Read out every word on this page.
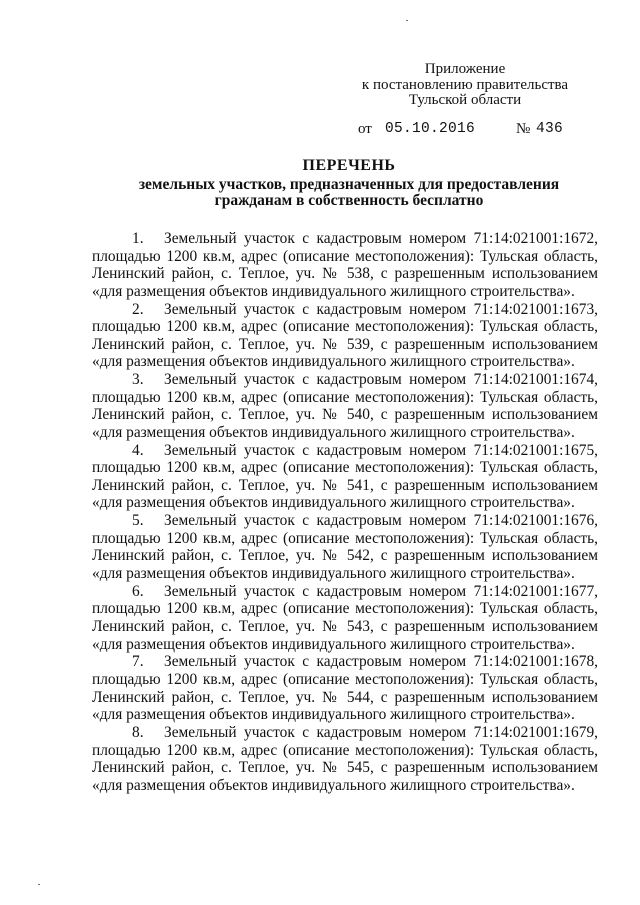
Приложение
к постановлению правительства
Тульской области
от 05.10.2016	№ 436
ПЕРЕЧЕНЬ
земельных участков, предназначенных для предоставления
гражданам в собственность бесплатно

1. Земельный участок с кадастровым номером 71:14:021001:1672, площадью 1200 кв.м, адрес (описание местоположения): Тульская область, Ленинский район, с. Теплое, уч. № 538, с разрешенным использованием «для размещения объектов индивидуального жилищного строительства».

2. Земельный участок с кадастровым номером 71:14:021001:1673, площадью 1200 кв.м, адрес (описание местоположения): Тульская область, Ленинский район, с. Теплое, уч. № 539, с разрешенным использованием «для размещения объектов индивидуального жилищного строительства».

3. Земельный участок с кадастровым номером 71:14:021001:1674, площадью 1200 кв.м, адрес (описание местоположения): Тульская область, Ленинский район, с. Теплое, уч. № 540, с разрешенным использованием «для размещения объектов индивидуального жилищного строительства».

4. Земельный участок с кадастровым номером 71:14:021001:1675, площадью 1200 кв.м, адрес (описание местоположения): Тульская область, Ленинский район, с. Теплое, уч. № 541, с разрешенным использованием «для размещения объектов индивидуального жилищного строительства».

5. Земельный участок с кадастровым номером 71:14:021001:1676, площадью 1200 кв.м, адрес (описание местоположения): Тульская область, Ленинский район, с. Теплое, уч. № 542, с разрешенным использованием «для размещения объектов индивидуального жилищного строительства».

6. Земельный участок с кадастровым номером 71:14:021001:1677, площадью 1200 кв.м, адрес (описание местоположения): Тульская область, Ленинский район, с. Теплое, уч. № 543, с разрешенным использованием «для размещения объектов индивидуального жилищного строительства».

7. Земельный участок с кадастровым номером 71:14:021001:1678, площадью 1200 кв.м, адрес (описание местоположения): Тульская область, Ленинский район, с. Теплое, уч. № 544, с разрешенным использованием «для размещения объектов индивидуального жилищного строительства».

8. Земельный участок с кадастровым номером 71:14:021001:1679, площадью 1200 кв.м, адрес (описание местоположения): Тульская область, Ленинский район, с. Теплое, уч. № 545, с разрешенным использованием «для размещения объектов индивидуального жилищного строительства».
